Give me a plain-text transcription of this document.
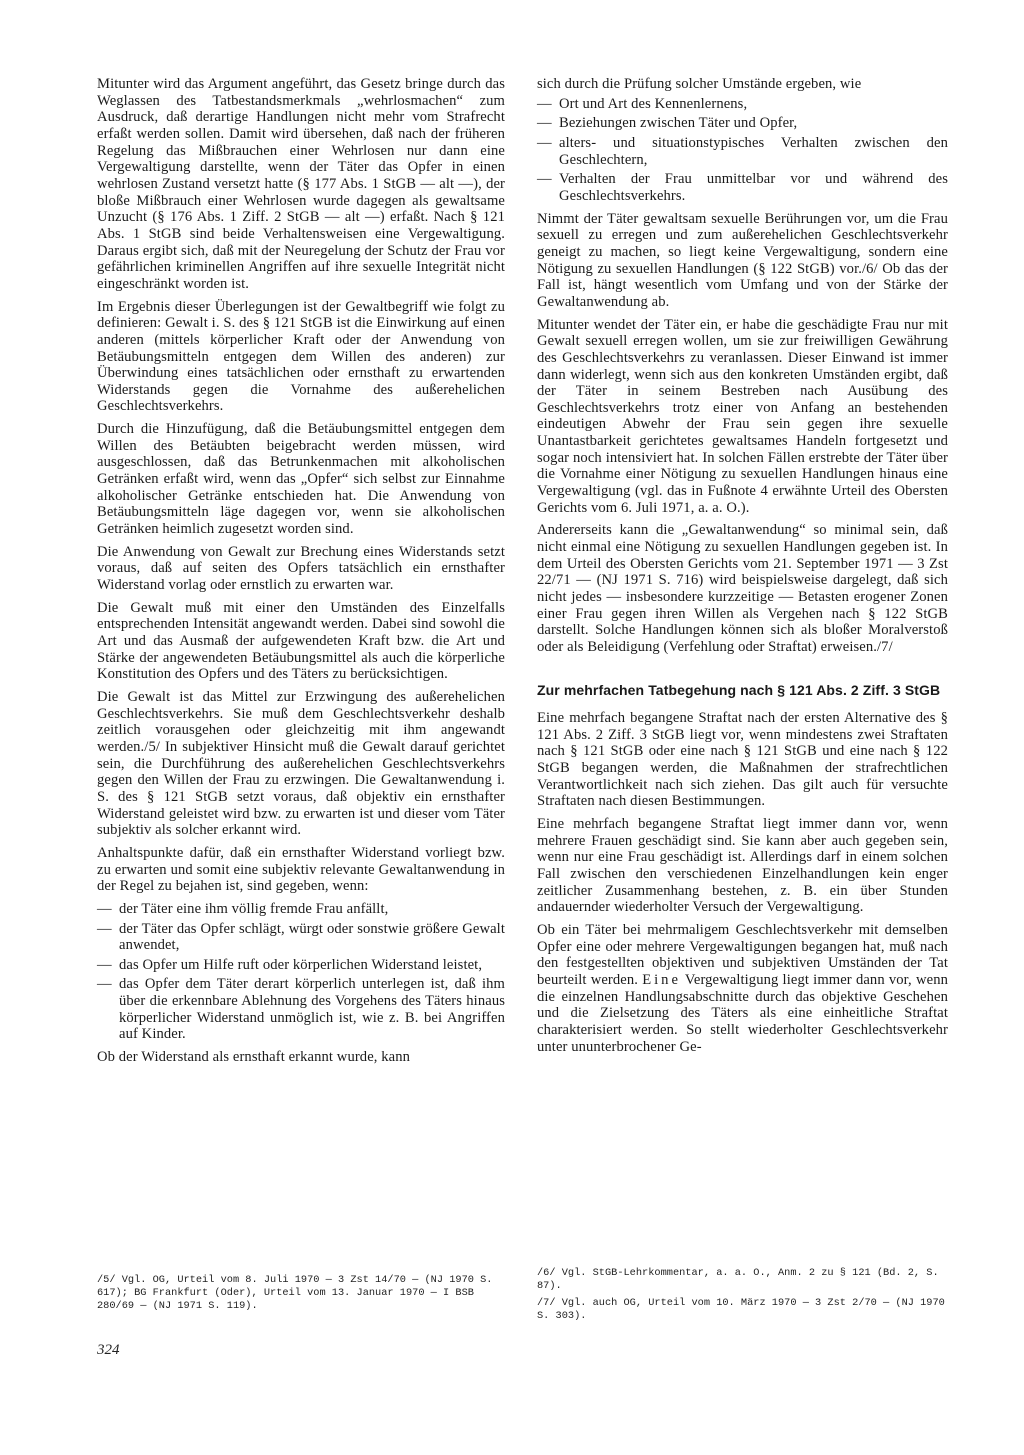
Mitunter wird das Argument angeführt, das Gesetz bringe durch das Weglassen des Tatbestandsmerkmals „wehrlosmachen“ zum Ausdruck, daß derartige Handlungen nicht mehr vom Strafrecht erfaßt werden sollen. Damit wird übersehen, daß nach der früheren Regelung das Mißbrauchen einer Wehrlosen nur dann eine Vergewaltigung darstellte, wenn der Täter das Opfer in einen wehrlosen Zustand versetzt hatte (§ 177 Abs. 1 StGB — alt —), der bloße Mißbrauch einer Wehrlosen wurde dagegen als gewaltsame Unzucht (§ 176 Abs. 1 Ziff. 2 StGB — alt —) erfaßt. Nach § 121 Abs. 1 StGB sind beide Verhaltensweisen eine Vergewaltigung. Daraus ergibt sich, daß mit der Neuregelung der Schutz der Frau vor gefährlichen kriminellen Angriffen auf ihre sexuelle Integrität nicht eingeschränkt worden ist.

Im Ergebnis dieser Überlegungen ist der Gewaltbegriff wie folgt zu definieren: Gewalt i. S. des § 121 StGB ist die Einwirkung auf einen anderen (mittels körperlicher Kraft oder der Anwendung von Betäubungsmitteln entgegen dem Willen des anderen) zur Überwindung eines tatsächlichen oder ernsthaft zu erwartenden Widerstands gegen die Vornahme des außerehelichen Geschlechtsverkehrs.

Durch die Hinzufügung, daß die Betäubungsmittel entgegen dem Willen des Betäubten beigebracht werden müssen, wird ausgeschlossen, daß das Betrunkenmachen mit alkoholischen Getränken erfaßt wird, wenn das „Opfer“ sich selbst zur Einnahme alkoholischer Getränke entschieden hat. Die Anwendung von Betäubungsmitteln läge dagegen vor, wenn sie alkoholischen Getränken heimlich zugesetzt worden sind.

Die Anwendung von Gewalt zur Brechung eines Widerstands setzt voraus, daß auf seiten des Opfers tatsächlich ein ernsthafter Widerstand vorlag oder ernstlich zu erwarten war.

Die Gewalt muß mit einer den Umständen des Einzelfalls entsprechenden Intensität angewandt werden. Dabei sind sowohl die Art und das Ausmaß der aufgewendeten Kraft bzw. die Art und Stärke der angewendeten Betäubungsmittel als auch die körperliche Konstitution des Opfers und des Täters zu berücksichtigen.

Die Gewalt ist das Mittel zur Erzwingung des außerehelichen Geschlechtsverkehrs. Sie muß dem Geschlechtsverkehr deshalb zeitlich vorausgehen oder gleichzeitig mit ihm angewandt werden./5/ In subjektiver Hinsicht muß die Gewalt darauf gerichtet sein, die Durchführung des außerehelichen Geschlechtsverkehrs gegen den Willen der Frau zu erzwingen. Die Gewaltanwendung i. S. des § 121 StGB setzt voraus, daß objektiv ein ernsthafter Widerstand geleistet wird bzw. zu erwarten ist und dieser vom Täter subjektiv als solcher erkannt wird.

Anhaltspunkte dafür, daß ein ernsthafter Widerstand vorliegt bzw. zu erwarten und somit eine subjektiv relevante Gewaltanwendung in der Regel zu bejahen ist, sind gegeben, wenn:

— der Täter eine ihm völlig fremde Frau anfällt,
— der Täter das Opfer schlägt, würgt oder sonstwie größere Gewalt anwendet,
— das Opfer um Hilfe ruft oder körperlichen Widerstand leistet,
— das Opfer dem Täter derart körperlich unterlegen ist, daß ihm über die erkennbare Ablehnung des Vorgehens des Täters hinaus körperlicher Widerstand unmöglich ist, wie z. B. bei Angriffen auf Kinder.

Ob der Widerstand als ernsthaft erkannt wurde, kann

sich durch die Prüfung solcher Umstände ergeben, wie

— Ort und Art des Kennenlernens,
— Beziehungen zwischen Täter und Opfer,
— alters- und situationstypisches Verhalten zwischen den Geschlechtern,
— Verhalten der Frau unmittelbar vor und während des Geschlechtsverkehrs.

Nimmt der Täter gewaltsam sexuelle Berührungen vor, um die Frau sexuell zu erregen und zum außerehelichen Geschlechtsverkehr geneigt zu machen, so liegt keine Vergewaltigung, sondern eine Nötigung zu sexuellen Handlungen (§ 122 StGB) vor./6/ Ob das der Fall ist, hängt wesentlich vom Umfang und von der Stärke der Gewaltanwendung ab.

Mitunter wendet der Täter ein, er habe die geschädigte Frau nur mit Gewalt sexuell erregen wollen, um sie zur freiwilligen Gewährung des Geschlechtsverkehrs zu veranlassen. Dieser Einwand ist immer dann widerlegt, wenn sich aus den konkreten Umständen ergibt, daß der Täter in seinem Bestreben nach Ausübung des Geschlechtsverkehrs trotz einer von Anfang an bestehenden eindeutigen Abwehr der Frau sein gegen ihre sexuelle Unantastbarkeit gerichtetes gewaltsames Handeln fortgesetzt und sogar noch intensiviert hat. In solchen Fällen erstrebte der Täter über die Vornahme einer Nötigung zu sexuellen Handlungen hinaus eine Vergewaltigung (vgl. das in Fußnote 4 erwähnte Urteil des Obersten Gerichts vom 6. Juli 1971, a. a. O.).

Andererseits kann die „Gewaltanwendung“ so minimal sein, daß nicht einmal eine Nötigung zu sexuellen Handlungen gegeben ist. In dem Urteil des Obersten Gerichts vom 21. September 1971 — 3 Zst 22/71 — (NJ 1971 S. 716) wird beispielsweise dargelegt, daß sich nicht jedes — insbesondere kurzzeitige — Betasten erogener Zonen einer Frau gegen ihren Willen als Vergehen nach § 122 StGB darstellt. Solche Handlungen können sich als bloßer Moralverstoß oder als Beleidigung (Verfehlung oder Straftat) erweisen./7/

Zur mehrfachen Tatbegehung nach § 121 Abs. 2 Ziff. 3 StGB

Eine mehrfach begangene Straftat nach der ersten Alternative des § 121 Abs. 2 Ziff. 3 StGB liegt vor, wenn mindestens zwei Straftaten nach § 121 StGB oder eine nach § 121 StGB und eine nach § 122 StGB begangen werden, die Maßnahmen der strafrechtlichen Verantwortlichkeit nach sich ziehen. Das gilt auch für versuchte Straftaten nach diesen Bestimmungen.

Eine mehrfach begangene Straftat liegt immer dann vor, wenn mehrere Frauen geschädigt sind. Sie kann aber auch gegeben sein, wenn nur eine Frau geschädigt ist. Allerdings darf in einem solchen Fall zwischen den verschiedenen Einzelhandlungen kein enger zeitlicher Zusammenhang bestehen, z. B. ein über Stunden andauernder wiederholter Versuch der Vergewaltigung.

Ob ein Täter bei mehrmaligem Geschlechtsverkehr mit demselben Opfer eine oder mehrere Vergewaltigungen begangen hat, muß nach den festgestellten objektiven und subjektiven Umständen der Tat beurteilt werden. Eine Vergewaltigung liegt immer dann vor, wenn die einzelnen Handlungsabschnitte durch das objektive Geschehen und die Zielsetzung des Täters als eine einheitliche Straftat charakterisiert werden. So stellt wiederholter Geschlechtsverkehr unter ununterbrochener Ge-

/5/ Vgl. OG, Urteil vom 8. Juli 1970 — 3 Zst 14/70 — (NJ 1970 S. 617); BG Frankfurt (Oder), Urteil vom 13. Januar 1970 — I BSB 280/69 — (NJ 1971 S. 119).

/6/ Vgl. StGB-Lehrkommentar, a. a. O., Anm. 2 zu § 121 (Bd. 2, S. 87).

/7/ Vgl. auch OG, Urteil vom 10. März 1970 — 3 Zst 2/70 — (NJ 1970 S. 303).

324
